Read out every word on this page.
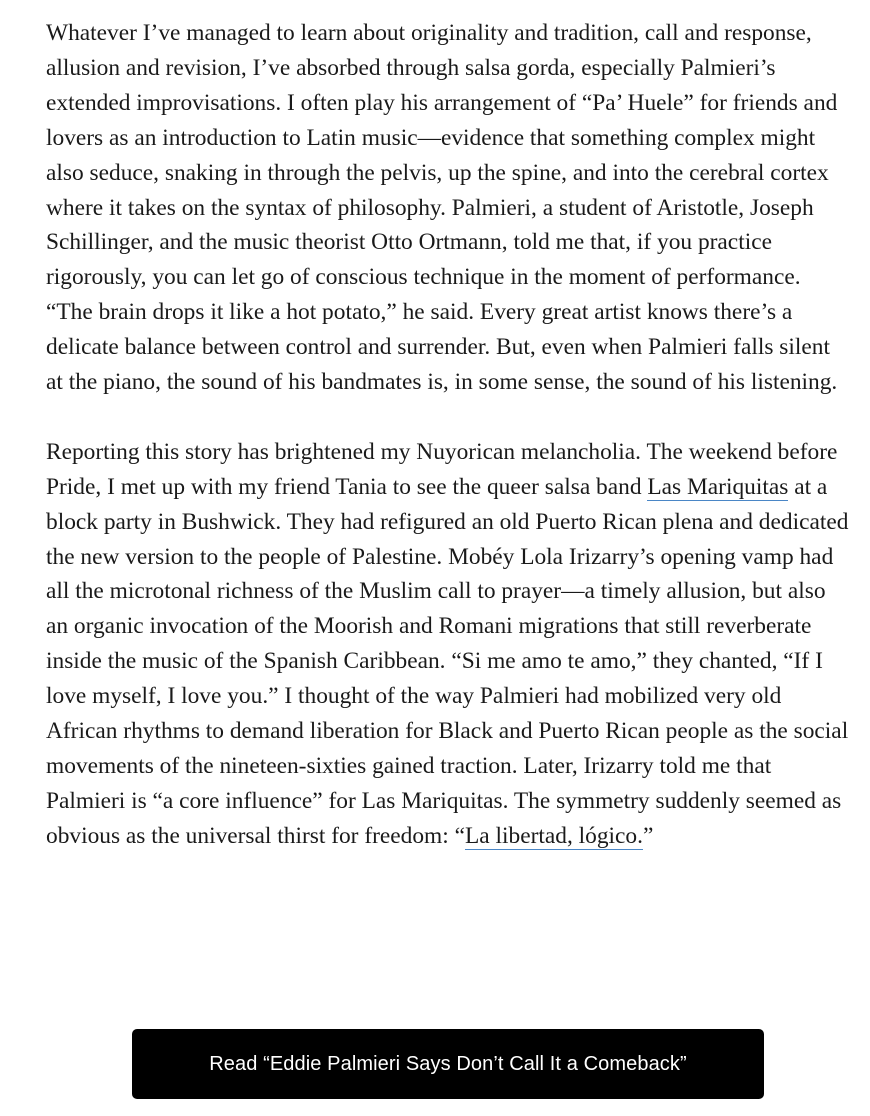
Whatever I’ve managed to learn about originality and tradition, call and response, allusion and revision, I’ve absorbed through salsa gorda, especially Palmieri’s extended improvisations. I often play his arrangement of “Pa’ Huele” for friends and lovers as an introduction to Latin music—evidence that something complex might also seduce, snaking in through the pelvis, up the spine, and into the cerebral cortex where it takes on the syntax of philosophy. Palmieri, a student of Aristotle, Joseph Schillinger, and the music theorist Otto Ortmann, told me that, if you practice rigorously, you can let go of conscious technique in the moment of performance. “The brain drops it like a hot potato,” he said. Every great artist knows there’s a delicate balance between control and surrender. But, even when Palmieri falls silent at the piano, the sound of his bandmates is, in some sense, the sound of his listening.

Reporting this story has brightened my Nuyorican melancholia. The weekend before Pride, I met up with my friend Tania to see the queer salsa band Las Mariquitas at a block party in Bushwick. They had refigured an old Puerto Rican plena and dedicated the new version to the people of Palestine. Mobéy Lola Irizarry’s opening vamp had all the microtonal richness of the Muslim call to prayer—a timely allusion, but also an organic invocation of the Moorish and Romani migrations that still reverberate inside the music of the Spanish Caribbean. “Si me amo te amo,” they chanted, “If I love myself, I love you.” I thought of the way Palmieri had mobilized very old African rhythms to demand liberation for Black and Puerto Rican people as the social movements of the nineteen-sixties gained traction. Later, Irizarry told me that Palmieri is “a core influence” for Las Mariquitas. The symmetry suddenly seemed as obvious as the universal thirst for freedom: “La libertad, lógico.”

Read “Eddie Palmieri Says Don’t Call It a Comeback”
